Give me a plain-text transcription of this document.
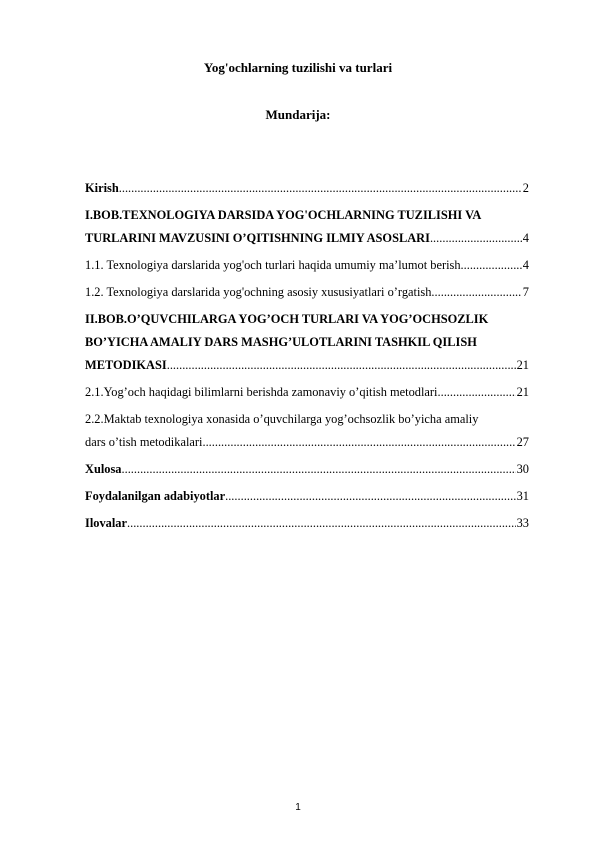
Yog'ochlarning tuzilishi va turlari
Mundarija:
Kirish .....	2
I.BOB.TEXNOLOGIYA DARSIDA YOG'OCHLARNING TUZILISHI VA
TURLARINI MAVZUSINI O’QITISHNING ILMIY ASOSLARI .....	4
1.1. Texnologiya darslarida yog'och turlari haqida umumiy ma’lumot berish .....	4
1.2. Texnologiya darslarida yog'ochning asosiy xususiyatlari o’rgatish .....	7
II.BOB.O’QUVCHILARGA YOG’OCH TURLARI VA YOG’OCHSOZLIK
BO’YICHA AMALIY DARS MASHG’ULOTLARINI TASHKIL QILISH
METODIKASI .....	21
2.1.Yog’och haqidagi bilimlarni berishda zamonaviy o’qitish metodlari .....	21
2.2.Maktab texnologiya xonasida o’quvchilarga yog’ochsozlik bo’yicha amaliy
dars o’tish metodikalari .....	27
Xulosa .....	30
Foydalanilgan adabiyotlar .....	31
Ilovalar .....	33
1
